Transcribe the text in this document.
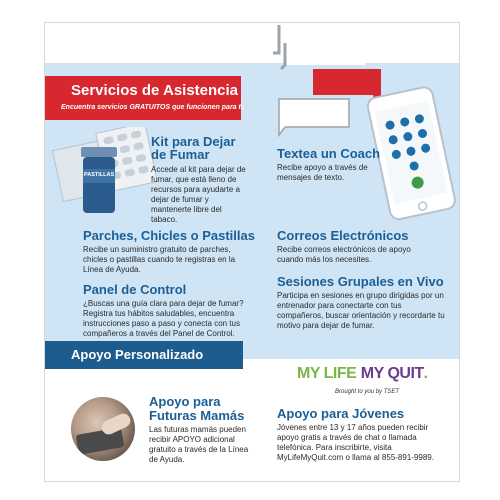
PASTILLAS
Servicios de Asistencia
Encuentra servicios GRATUITOS que funcionen para ti.
Kit para Dejar
de Fumar
Accede al kit para dejar de fumar, que está lleno de recursos para ayudarte a dejar de fumar y mantenerte libre del tabaco.
Parches, Chicles o Pastillas
Recibe un suministro gratuito de parches, chicles o pastillas cuando te registras en la Línea de Ayuda.
Panel de Control
¿Buscas una guía clara para dejar de fumar? Registra tus hábitos saludables, encuentra instrucciones paso a paso y conecta con tus compañeros a través del Panel de Control.
Textea un Coach
Recibe apoyo a través de mensajes de texto.
Correos Electrónicos
Recibe correos electrónicos de apoyo cuando más los necesites.
Sesiones Grupales en Vivo
Participa en sesiones en grupo dirigidas por un entrenador para conectarte con tus compañeros, buscar orientación y recordarte tu motivo para dejar de fumar.
Apoyo Personalizado
MY LIFE MY QUIT.
Brought to you by TSET
Apoyo para
Futuras Mamás
Las futuras mamás pueden recibir APOYO adicional gratuito a través de la Línea de Ayuda.
Apoyo para Jóvenes
Jóvenes entre 13 y 17 años pueden recibir apoyo gratis a través de chat o llamada telefónica. Para inscribirte, visita MyLifeMyQuit.com o llama al 855-891-9989.
